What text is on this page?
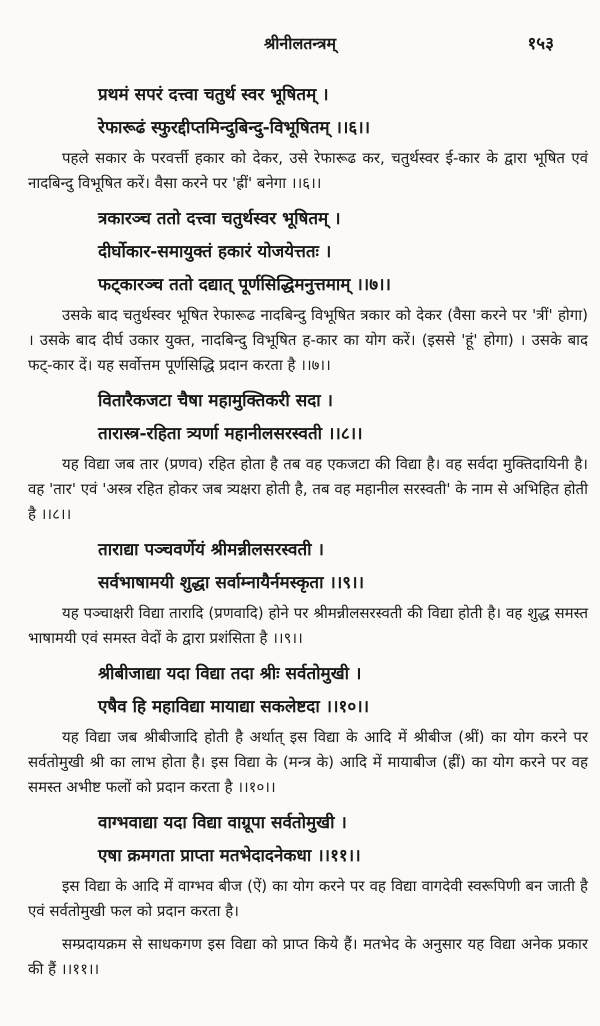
श्रीनीलतन्त्रम्	१५३
प्रथमं सपरं दत्त्वा चतुर्थ स्वर भूषितम् ।
रेफारूढं स्फुरद्दीप्तमिन्दुबिन्दु-विभूषितम् ।।६।।
पहले सकार के परवर्त्ती हकार को देकर, उसे रेफारूढ कर, चतुर्थस्वर ई-कार के द्वारा भूषित एवं नादबिन्दु विभूषित करें। वैसा करने पर 'ह्रीं' बनेगा ।।६।।
त्रकारञ्च ततो दत्त्वा चतुर्थस्वर भूषितम् ।
दीर्घोकार-समायुक्तं हकारं योजयेत्ततः ।
फट्कारञ्च ततो दद्यात् पूर्णसिद्धिमनुत्तमाम् ।।७।।
उसके बाद चतुर्थस्वर भूषित रेफारूढ नादबिन्दु विभूषित त्रकार को देकर (वैसा करने पर 'त्रीं' होगा) । उसके बाद दीर्घ उकार युक्त, नादबिन्दु विभूषित ह-कार का योग करें। (इससे 'हूं' होगा) । उसके बाद फट्-कार दें। यह सर्वोत्तम पूर्णसिद्धि प्रदान करता है ।।७।।
वितारैकजटा चैषा महामुक्तिकरी सदा ।
तारास्त्र-रहिता त्र्यर्णा महानीलसरस्वती ।।८।।
यह विद्या जब तार (प्रणव) रहित होता है तब वह एकजटा की विद्या है। वह सर्वदा मुक्तिदायिनी है। वह 'तार' एवं 'अस्त्र रहित होकर जब त्र्यक्षरा होती है, तब वह महानील सरस्वती' के नाम से अभिहित होती है ।।८।।
ताराद्या पञ्चवर्णेयं श्रीमन्नीलसरस्वती ।
सर्वभाषामयी शुद्धा सर्वाम्नायैर्नमस्कृता ।।९।।
यह पञ्चाक्षरी विद्या तारादि (प्रणवादि) होने पर श्रीमन्नीलसरस्वती की विद्या होती है। वह शुद्ध समस्त भाषामयी एवं समस्त वेदों के द्वारा प्रशंसिता है ।।९।।
श्रीबीजाद्या यदा विद्या तदा श्रीः सर्वतोमुखी ।
एषैव हि महाविद्या मायाद्या सकलेष्टदा ।।१०।।
यह विद्या जब श्रीबीजादि होती है अर्थात् इस विद्या के आदि में श्रीबीज (श्रीं) का योग करने पर सर्वतोमुखी श्री का लाभ होता है। इस विद्या के (मन्त्र के) आदि में मायाबीज (ह्रीं) का योग करने पर वह समस्त अभीष्ट फलों को प्रदान करता है ।।१०।।
वाग्भवाद्या यदा विद्या वाग्रूपा सर्वतोमुखी ।
एषा क्रमगता प्राप्ता मतभेदादनेकधा ।।११।।
इस विद्या के आदि में वाग्भव बीज (ऐं) का योग करने पर वह विद्या वागदेवी स्वरूपिणी बन जाती है एवं सर्वतोमुखी फल को प्रदान करता है।
सम्प्रदायक्रम से साधकगण इस विद्या को प्राप्त किये हैं। मतभेद के अनुसार यह विद्या अनेक प्रकार की हैं ।।११।।
